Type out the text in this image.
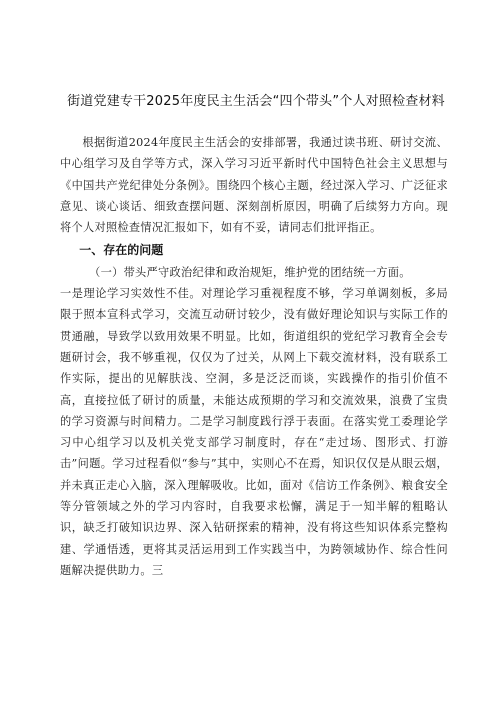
街道党建专干2025年度民主生活会“四个带头”个人对照检查材料

根据街道2024年度民主生活会的安排部署，我通过读书班、研讨交流、中心组学习及自学等方式，深入学习习近平新时代中国特色社会主义思想与《中国共产党纪律处分条例》。围绕四个核心主题，经过深入学习、广泛征求意见、谈心谈话、细致查摆问题、深刻剖析原因，明确了后续努力方向。现将个人对照检查情况汇报如下，如有不妥，请同志们批评指正。

一、存在的问题

（一）带头严守政治纪律和政治规矩，维护党的团结统一方面。

一是理论学习实效性不佳。对理论学习重视程度不够，学习单调刻板，多局限于照本宣科式学习，交流互动研讨较少，没有做好理论知识与实际工作的贯通融，导致学以致用效果不明显。比如，街道组织的党纪学习教育全会专题研讨会，我不够重视，仅仅为了过关，从网上下载交流材料，没有联系工作实际，提出的见解肤浅、空洞，多是泛泛而谈，实践操作的指引价值不高，直接拉低了研讨的质量，未能达成预期的学习和交流效果，浪费了宝贵的学习资源与时间精力。二是学习制度践行浮于表面。在落实党工委理论学习中心组学习以及机关党支部学习制度时，存在“走过场、图形式、打游击”问题。学习过程看似“参与”其中，实则心不在焉，知识仅仅是从眼云烟，并未真正走心入脑，深入理解吸收。比如，面对《信访工作条例》、粮食安全等分管领域之外的学习内容时，自我要求松懈，满足于一知半解的粗略认识，缺乏打破知识边界、深入钻研探索的精神，没有将这些知识体系完整构建、学通悟透，更将其灵活运用到工作实践当中，为跨领域协作、综合性问题解决提供助力。三
